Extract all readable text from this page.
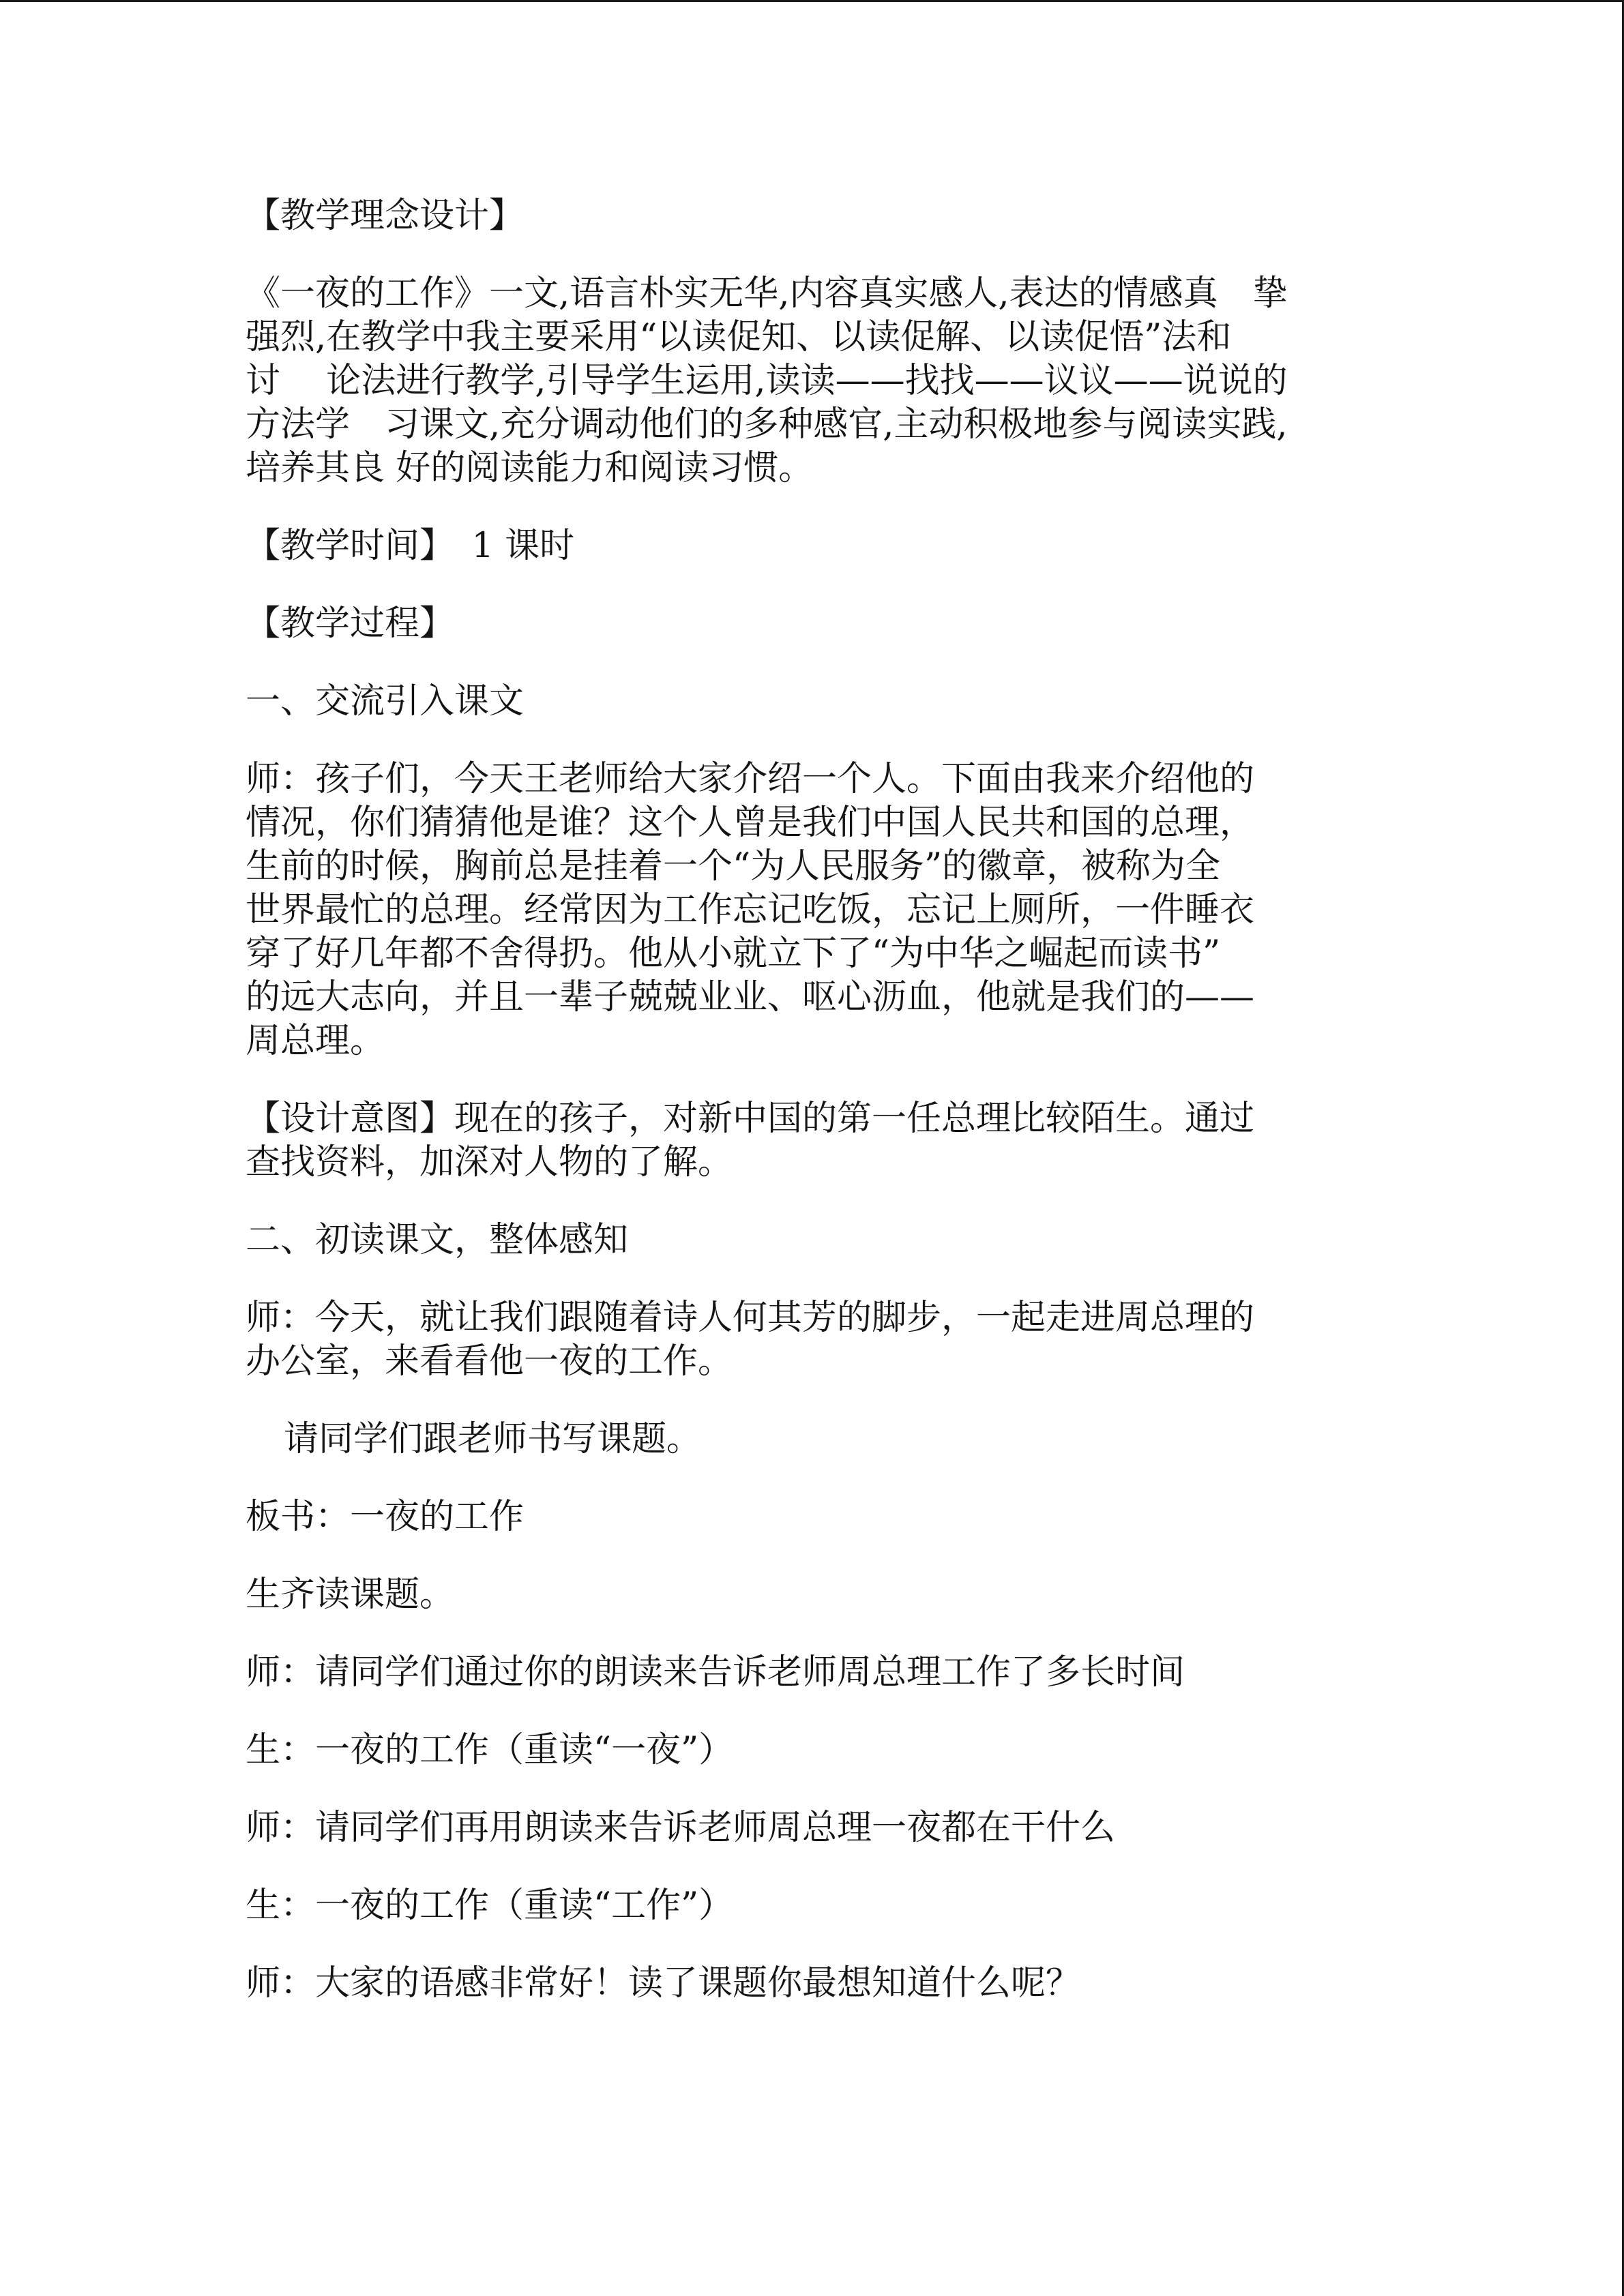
【教学理念设计】

《一夜的工作》一文,语言朴实无华,内容真实感人,表达的情感真　挚
强烈,在教学中我主要采用“以读促知、以读促解、以读促悟”法和
讨　 论法进行教学,引导学生运用,读读——找找——议议——说说的
方法学　习课文,充分调动他们的多种感官,主动积极地参与阅读实践,
培养其良 好的阅读能力和阅读习惯。

【教学时间】　1 课时

【教学过程】

一、交流引入课文

师：孩子们，今天王老师给大家介绍一个人。下面由我来介绍他的
情况，你们猜猜他是谁？这个人曾是我们中国人民共和国的总理，
生前的时候，胸前总是挂着一个“为人民服务”的徽章，被称为全
世界最忙的总理。经常因为工作忘记吃饭，忘记上厕所，一件睡衣
穿了好几年都不舍得扔。他从小就立下了“为中华之崛起而读书”
的远大志向，并且一辈子兢兢业业、呕心沥血，他就是我们的——
周总理。

【设计意图】现在的孩子，对新中国的第一任总理比较陌生。通过
查找资料，加深对人物的了解。

二、初读课文，整体感知

师：今天，就让我们跟随着诗人何其芳的脚步，一起走进周总理的
办公室，来看看他一夜的工作。

请同学们跟老师书写课题。

板书：一夜的工作

生齐读课题。

师：请同学们通过你的朗读来告诉老师周总理工作了多长时间

生：一夜的工作（重读“一夜”）

师：请同学们再用朗读来告诉老师周总理一夜都在干什么

生：一夜的工作（重读“工作”）

师：大家的语感非常好！读了课题你最想知道什么呢？
